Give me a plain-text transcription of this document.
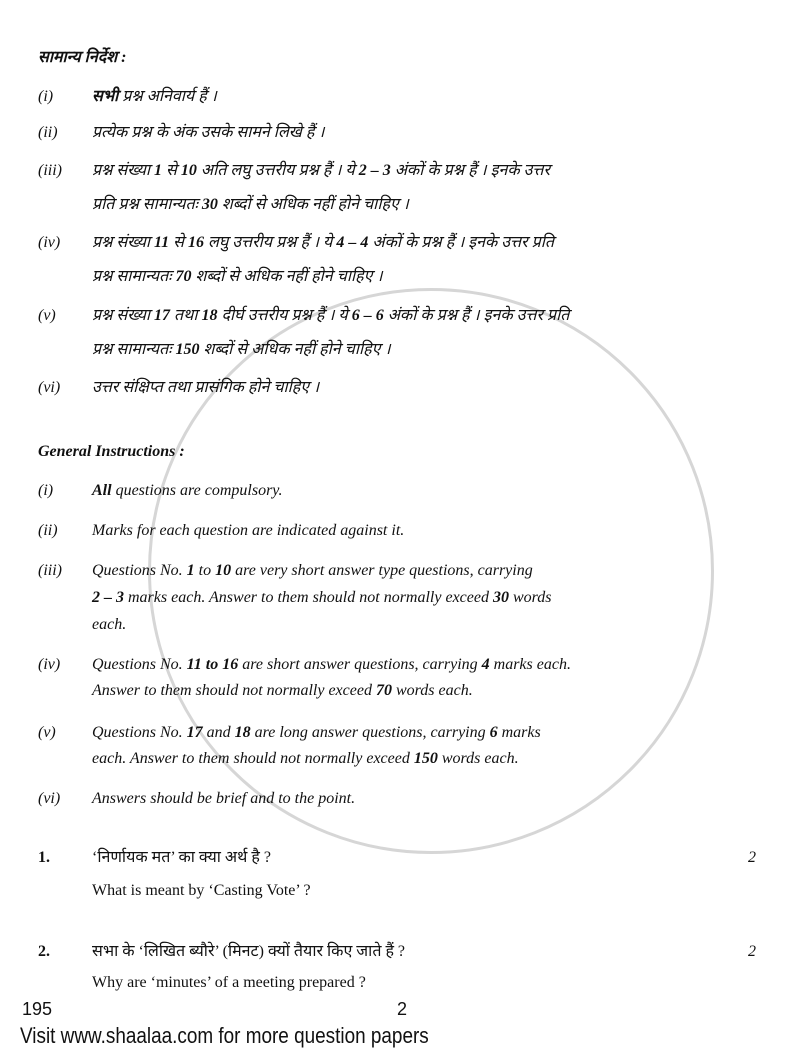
सामान्य निर्देश :
(i) सभी प्रश्न अनिवार्य हैं ।
(ii) प्रत्येक प्रश्न के अंक उसके सामने लिखे हैं ।
(iii) प्रश्न संख्या 1 से 10 अति लघु उत्तरीय प्रश्न हैं । ये 2 – 3 अंकों के प्रश्न हैं । इनके उत्तर
प्रति प्रश्न सामान्यतः 30 शब्दों से अधिक नहीं होने चाहिए ।
(iv) प्रश्न संख्या 11 से 16 लघु उत्तरीय प्रश्न हैं । ये 4 – 4 अंकों के प्रश्न हैं । इनके उत्तर प्रति
प्रश्न सामान्यतः 70 शब्दों से अधिक नहीं होने चाहिए ।
(v) प्रश्न संख्या 17 तथा 18 दीर्घ उत्तरीय प्रश्न हैं । ये 6 – 6 अंकों के प्रश्न हैं । इनके उत्तर प्रति
प्रश्न सामान्यतः 150 शब्दों से अधिक नहीं होने चाहिए ।
(vi) उत्तर संक्षिप्त तथा प्रासंगिक होने चाहिए ।
General Instructions :
(i) All questions are compulsory.
(ii) Marks for each question are indicated against it.
(iii) Questions No. 1 to 10 are very short answer type questions, carrying
2 – 3 marks each. Answer to them should not normally exceed 30 words
each.
(iv) Questions No. 11 to 16 are short answer questions, carrying 4 marks each.
Answer to them should not normally exceed 70 words each.
(v) Questions No. 17 and 18 are long answer questions, carrying 6 marks
each. Answer to them should not normally exceed 150 words each.
(vi) Answers should be brief and to the point.
1.	‘निर्णायक मत’ का क्या अर्थ है ?	2
What is meant by ‘Casting Vote’ ?
2.	सभा के ‘लिखित ब्यौरे’ (मिनट) क्यों तैयार किए जाते हैं ?	2
Why are ‘minutes’ of a meeting prepared ?
195	2
Visit www.shaalaa.com for more question papers
